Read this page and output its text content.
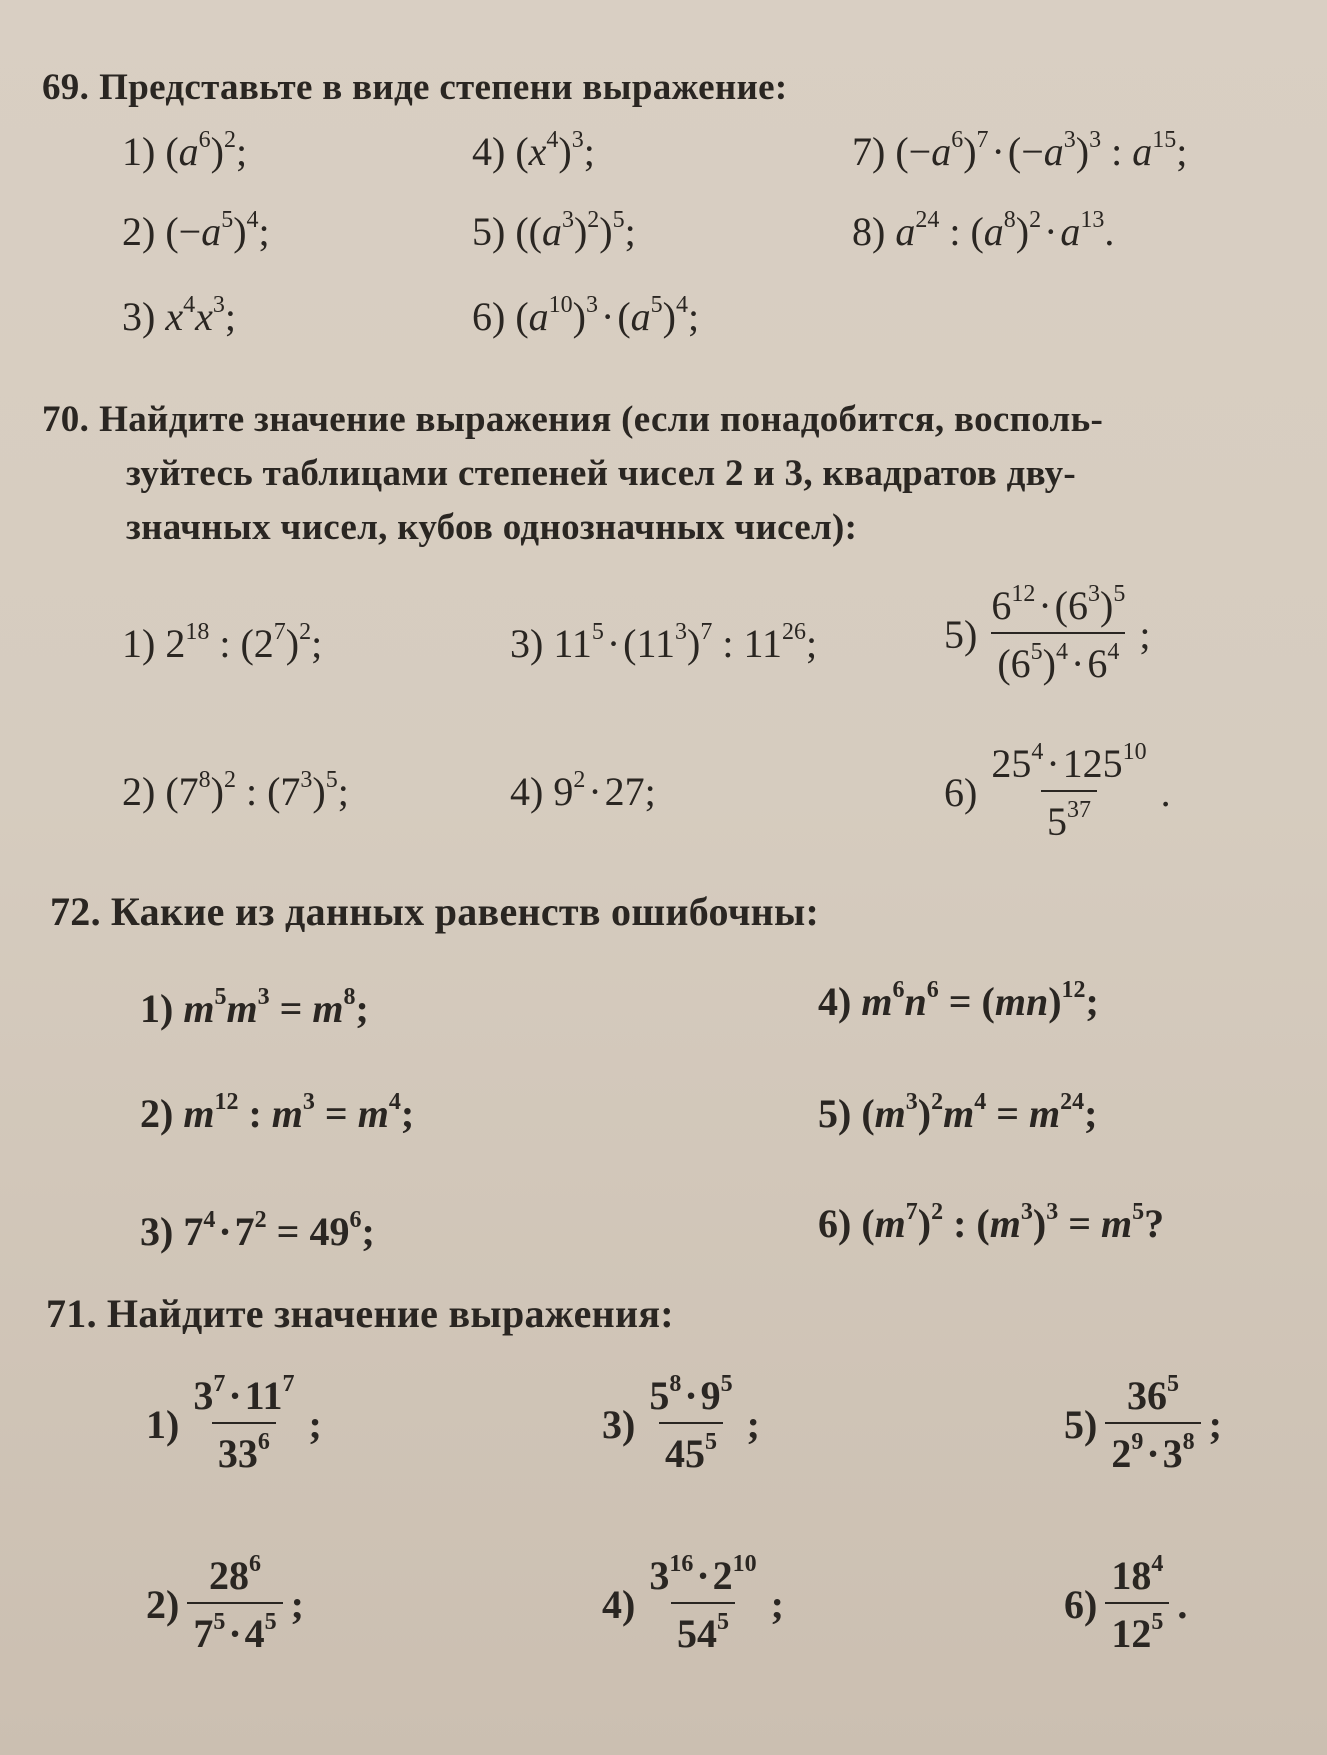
69. Представьте в виде степени выражение:
1) $(a^6)^2$;
2) $(-a^5)^4$;
3) $x^4x^3$;
4) $(x^4)^3$;
5) $((a^3)^2)^5$;
6) $(a^{10})^3\cdot(a^5)^4$;
7) $(-a^6)^7\cdot(-a^3)^3$ : $a^{15}$;
8) $a^{24}$ : $(a^8)^2\cdot a^{13}$.
70. Найдите значение выражения (если понадобится, восполь-
зуйтесь таблицами степеней чисел 2 и 3, квадратов дву-
значных чисел, кубов однозначных чисел):
1) $2^{18}$ : $(2^7)^2$;
2) $(7^8)^2$ : $(7^3)^5$;
3) $11^5\cdot(11^3)^7$ : $11^{26}$;
4) $9^2\cdot 27$;
$5) \frac{6^{12}\cdot(6^3)^5}{(6^5)^4\cdot 6^4}$ ;
$6) \frac{25^4\cdot 125^{10}}{5^{37}}$ .
72. Какие из данных равенств ошибочны:
1) $m^5m^3 = m^8$;
2) $m^{12}$ : $m^3 = m^4$;
3) $7^4\cdot 7^2 = 49^6$;
4) $m^6n^6 = (mn)^{12}$;
5) $(m^3)^2m^4 = m^{24}$;
6) $(m^7)^2$ : $(m^3)^3 = m^5$?
71. Найдите значение выражения:
$1) \frac{3^7\cdot 11^7}{33^6}$ ;
$2) \frac{28^6}{7^5\cdot 4^5}$ ;
$3) \frac{5^8\cdot 9^5}{45^5}$ ;
$4) \frac{3^{16}\cdot 2^{10}}{54^5}$ ;
$5) \frac{36^5}{2^9\cdot 3^8}$ ;
$6) \frac{18^4}{12^5}$ .
